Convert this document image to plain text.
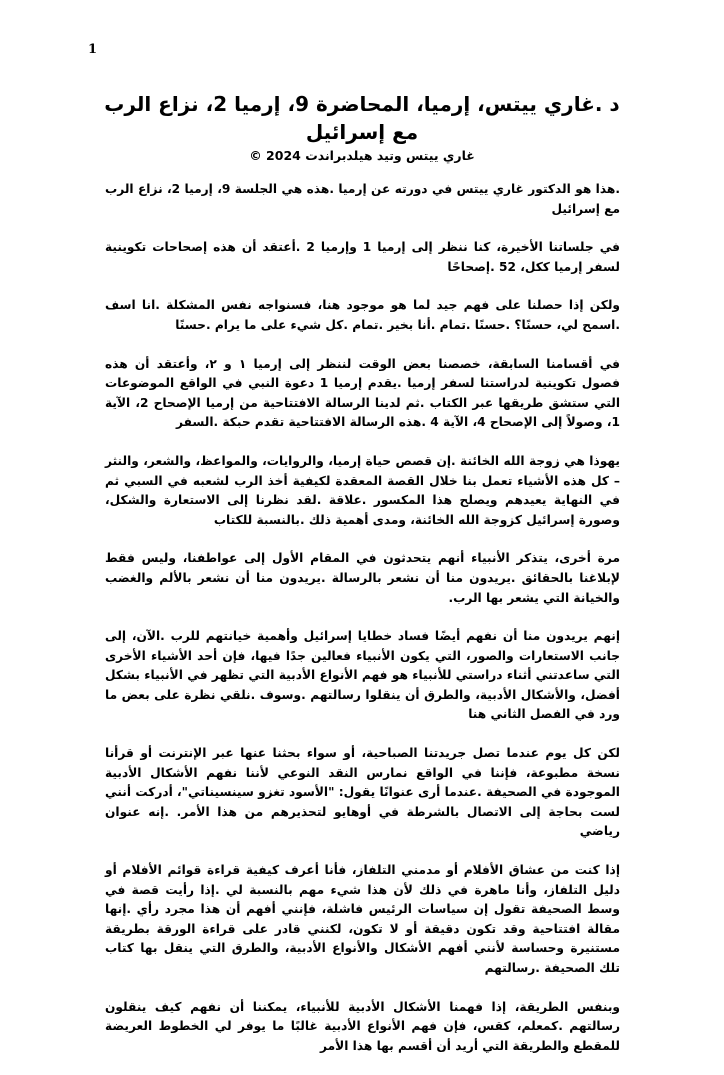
1
د .غاري ييتس، إرميا، المحاضرة 9، إرميا 2، نزاع الرب مع إسرائيل
غاري ييتس وتيد هيلدبراندت 2024 ©

.هذا هو الدكتور غاري ييتس في دورته عن إرميا .هذه هي الجلسة 9، إرميا 2، نزاع الرب مع إسرائيل

في جلساتنا الأخيرة، كنا ننظر إلى إرميا 1 وإرميا 2 .أعتقد أن هذه إصحاحات تكوينية لسفر إرميا ككل، 52 .إصحاحًا

ولكن إذا حصلنا على فهم جيد لما هو موجود هنا، فسنواجه نفس المشكلة .انا اسف .اسمح لي، حسنًا؟ .حسنًا .تمام .أنا بخير .تمام .كل شيء على ما يرام .حسنًا

في أقسامنا السابقة، خصصنا بعض الوقت لننظر إلى إرميا ١ و ٢، وأعتقد أن هذه فصول تكوينية لدراستنا لسفر إرميا .يقدم إرميا 1 دعوة النبي في الواقع الموضوعات التي ستشق طريقها عبر الكتاب .ثم لدينا الرسالة الافتتاحية من إرميا الإصحاح 2، الآية 1، وصولاً إلى الإصحاح 4، الآية 4 .هذه الرسالة الافتتاحية تقدم حبكة .السفر

يهوذا هي زوجة الله الخائنة .إن قصص حياة إرميا، والروايات، والمواعظ، والشعر، والنثر – كل هذه الأشياء تعمل بنا خلال القصة المعقدة لكيفية أخذ الرب لشعبه في السبي ثم في النهاية يعيدهم ويصلح هذا المكسور .علاقة .لقد نظرنا إلى الاستعارة والشكل، وصورة إسرائيل كزوجة الله الخائنة، ومدى أهمية ذلك .بالنسبة للكتاب

مرة أخرى، يتذكر الأنبياء أنهم يتحدثون في المقام الأول إلى عواطفنا، وليس فقط لإبلاغنا بالحقائق .يريدون منا أن نشعر بالرسالة .يريدون منا أن نشعر بالألم والغضب والخيانة التي يشعر بها الرب.

إنهم يريدون منا أن نفهم أيضًا فساد خطايا إسرائيل وأهمية خيانتهم للرب .الآن، إلى جانب الاستعارات والصور، التي يكون الأنبياء فعالين جدًا فيها، فإن أحد الأشياء الأخرى التي ساعدتني أثناء دراستي للأنبياء هو فهم الأنواع الأدبية التي تظهر في الأنبياء بشكل أفضل، والأشكال الأدبية، والطرق أن ينقلوا رسالتهم .وسوف .نلقي نظرة على بعض ما ورد في الفصل الثاني هنا

لكن كل يوم عندما تصل جريدتنا الصباحية، أو سواء بحثنا عنها عبر الإنترنت أو قرأنا نسخة مطبوعة، فإننا في الواقع نمارس النقد النوعي لأننا نفهم الأشكال الأدبية الموجودة في الصحيفة .عندما أرى عنوانًا يقول: "الأسود تغزو سينسيناتي"، أدركت أنني لست بحاجة إلى الاتصال بالشرطة في أوهايو لتحذيرهم من هذا الأمر. .إنه عنوان رياضي

إذا كنت من عشاق الأفلام أو مدمني التلفاز، فأنا أعرف كيفية قراءة قوائم الأفلام أو دليل التلفاز، وأنا ماهرة في ذلك لأن هذا شيء مهم بالنسبة لي .إذا رأيت قصة في وسط الصحيفة تقول إن سياسات الرئيس فاشلة، فإنني أفهم أن هذا مجرد رأي .إنها مقالة افتتاحية وقد تكون دقيقة أو لا تكون، لكنني قادر على قراءة الورقة بطريقة مستنيرة وحساسة لأنني أفهم الأشكال والأنواع الأدبية، والطرق التي ينقل بها كتاب تلك الصحيفة .رسالتهم

وبنفس الطريقة، إذا فهمنا الأشكال الأدبية للأنبياء، يمكننا أن نفهم كيف ينقلون رسالتهم .كمعلم، كقس، فإن فهم الأنواع الأدبية غالبًا ما يوفر لي الخطوط العريضة للمقطع والطريقة التي أريد أن أقسم بها هذا الأمر
